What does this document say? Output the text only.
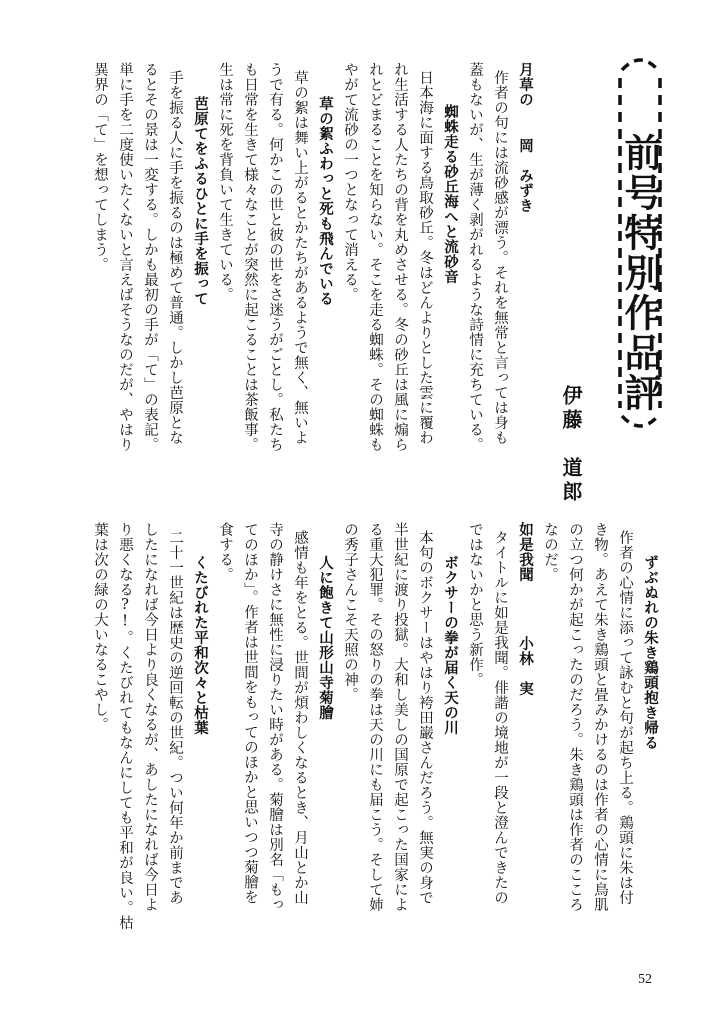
前号特別作品評
伊藤　道郎
月草の
岡　みずき
作者の句には流砂感が漂う。それを無常と言っては身も
蓋もないが、生が薄く剥がれるような詩情に充ちている。
蜘蛛走る砂丘海へと流砂音
日本海に面する鳥取砂丘。冬はどんよりとした雲に覆わ
れ生活する人たちの背を丸めさせる。冬の砂丘は風に煽ら
れとどまることを知らない。そこを走る蜘蛛。その蜘蛛も
やがて流砂の一つとなって消える。
草の絮ふわっと死も飛んでいる
草の絮は舞い上がるとかたちがあるようで無く、無いよ
うで有る。何かこの世と彼の世をさ迷うがごとし。私たち
も日常を生きて様々なことが突然に起こることは茶飯事。
生は常に死を背負いて生きている。
芭原てをふるひとに手を振って
手を振る人に手を振るのは極めて普通。しかし芭原とな
るとその景は一変する。しかも最初の手が「て」の表記。
単に手を二度使いたくないと言えばそうなのだが、やはり
異界の「て」を想ってしまう。
ずぶぬれの朱き鶏頭抱き帰る
作者の心情に添って詠むと句が起ち上る。鶏頭に朱は付
き物。あえて朱き鶏頭と畳みかけるのは作者の心情に鳥肌
の立つ何かが起こったのだろう。朱き鶏頭は作者のこころ
なのだ。
如是我聞
小林　実
タイトルに如是我聞。俳諧の境地が一段と澄んできたの
ではないかと思う新作。
ボクサーの拳が届く天の川
本句のボクサーはやはり袴田巌さんだろう。無実の身で
半世紀に渡り投獄。大和し美しの国原で起こった国家によ
る重大犯罪。その怒りの拳は天の川にも届こう。そして姉
の秀子さんこそ天照の神。
人に飽きて山形山寺菊膾
感情も年をとる。世間が煩わしくなるとき、月山とか山
寺の静けさに無性に浸りたい時がある。菊膾は別名「もっ
てのほか」。作者は世間をもってのほかと思いつつ菊膾を
食する。
くたびれた平和次々と枯葉
二十一世紀は歴史の逆回転の世紀。つい何年か前まであ
したになれば今日より良くなるが、あしたになれば今日よ
り悪くなる?!。くたびれてもなんにしても平和が良い。枯
葉は次の緑の大いなるこやし。
52
